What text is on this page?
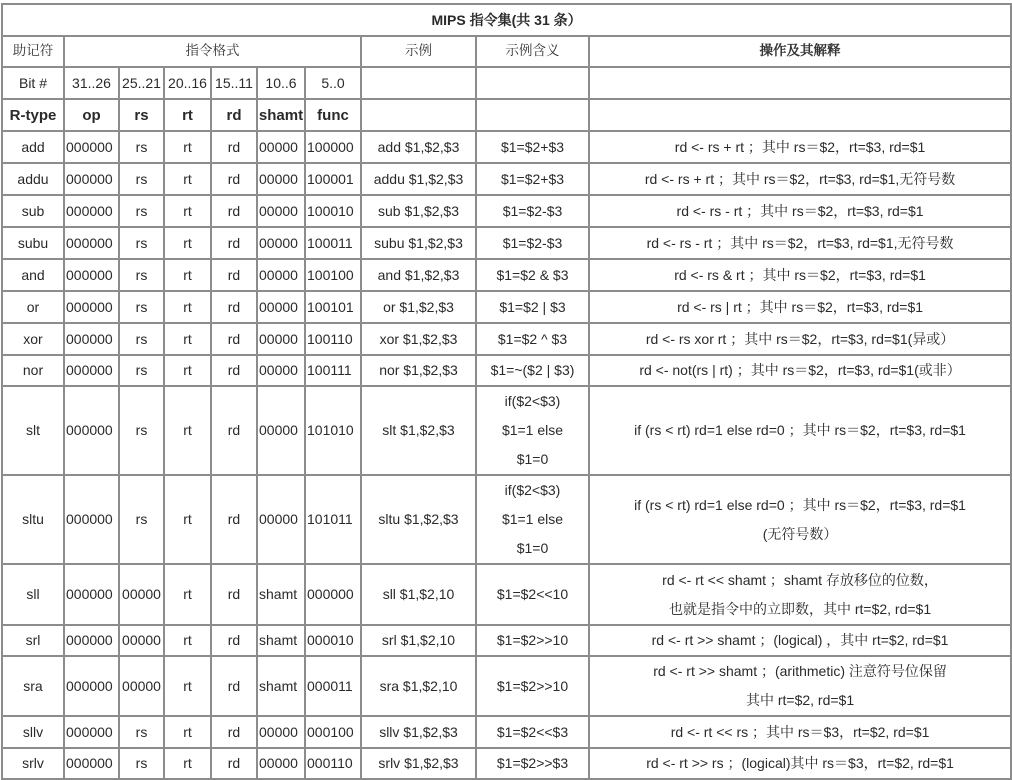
MIPS 指令集(共 31 条）									
助记符	指令格式						示例	示例含义	操作及其解释
Bit #	31..26	25..21	20..16	15..11	10..6	5..0			
R-type	op	rs	rt	rd	shamt	func			
add	000000	rs	rt	rd	00000	100000	add $1,$2,$3	$1=$2+$3	rd <- rs + rt ；其中 rs＝$2，rt=$3, rd=$1

addu	000000	rs	rt	rd	00000	100001	addu $1,$2,$3	$1=$2+$3	rd <- rs + rt ；其中 rs＝$2，rt=$3, rd=$1,无符号数

sub	000000	rs	rt	rd	00000	100010	sub $1,$2,$3	$1=$2-$3	rd <- rs - rt ；其中 rs＝$2，rt=$3, rd=$1

subu	000000	rs	rt	rd	00000	100011	subu $1,$2,$3	$1=$2-$3	rd <- rs - rt ；其中 rs＝$2，rt=$3, rd=$1,无符号数

and	000000	rs	rt	rd	00000	100100	and $1,$2,$3	$1=$2 & $3	rd <- rs & rt ；其中 rs＝$2，rt=$3, rd=$1

or	000000	rs	rt	rd	00000	100101	or $1,$2,$3	$1=$2 | $3	rd <- rs | rt ；其中 rs＝$2，rt=$3, rd=$1

xor	000000	rs	rt	rd	00000	100110	xor $1,$2,$3	$1=$2 ^ $3	rd <- rs xor rt ；其中 rs＝$2，rt=$3, rd=$1(异或）

nor	000000	rs	rt	rd	00000	100111	nor $1,$2,$3	$1=~($2 | $3)	rd <- not(rs | rt) ；其中 rs＝$2，rt=$3, rd=$1(或非）

slt	000000	rs	rt	rd	00000	101010	slt $1,$2,$3	if($2<$3)
$1=1 else
$1=0	if (rs < rt) rd=1 else rd=0 ；其中 rs＝$2，rt=$3, rd=$1

sltu	000000	rs	rt	rd	00000	101011	sltu $1,$2,$3	if($2<$3)
$1=1 else
$1=0	if (rs < rt) rd=1 else rd=0 ；其中 rs＝$2，rt=$3, rd=$1
(无符号数）

sll	000000	00000	rt	rd	shamt	000000	sll $1,$2,10	$1=$2<<10	rd <- rt << shamt ；shamt 存放移位的位数，
也就是指令中的立即数，其中 rt=$2, rd=$1

srl	000000	00000	rt	rd	shamt	000010	srl $1,$2,10	$1=$2>>10	rd <- rt >> shamt ；(logical) ，其中 rt=$2, rd=$1

sra	000000	00000	rt	rd	shamt	000011	sra $1,$2,10	$1=$2>>10	rd <- rt >> shamt ；(arithmetic) 注意符号位保留
其中 rt=$2, rd=$1

sllv	000000	rs	rt	rd	00000	000100	sllv $1,$2,$3	$1=$2<<$3	rd <- rt << rs ；其中 rs＝$3，rt=$2, rd=$1

srlv	000000	rs	rt	rd	00000	000110	srlv $1,$2,$3	$1=$2>>$3	rd <- rt >> rs ；(logical)其中 rs＝$3，rt=$2, rd=$1
